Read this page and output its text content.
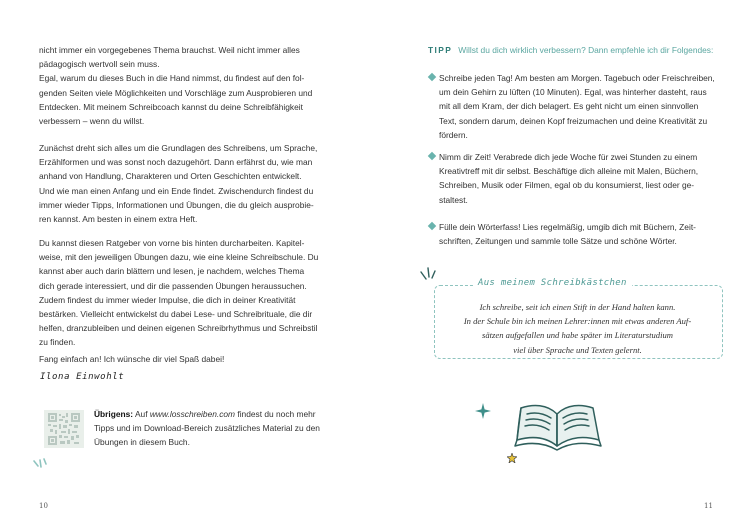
nicht immer ein vorgegebenes Thema brauchst. Weil nicht immer alles

pädagogisch wertvoll sein muss.

Egal, warum du dieses Buch in die Hand nimmst, du findest auf den fol-

genden Seiten viele Möglichkeiten und Vorschläge zum Ausprobieren und

Entdecken. Mit meinem Schreibcoach kannst du deine Schreibfähigkeit

verbessern – wenn du willst.

Zunächst dreht sich alles um die Grundlagen des Schreibens, um Sprache,

Erzählformen und was sonst noch dazugehört. Dann erfährst du, wie man

anhand von Handlung, Charakteren und Orten Geschichten entwickelt.

Und wie man einen Anfang und ein Ende findet. Zwischendurch findest du

immer wieder Tipps, Informationen und Übungen, die du gleich ausprobie-

ren kannst. Am besten in einem extra Heft.

Du kannst diesen Ratgeber von vorne bis hinten durcharbeiten. Kapitel-

weise, mit den jeweiligen Übungen dazu, wie eine kleine Schreibschule. Du

kannst aber auch darin blättern und lesen, je nachdem, welches Thema

dich gerade interessiert, und dir die passenden Übungen heraussuchen.

Zudem findest du immer wieder Impulse, die dich in deiner Kreativität

bestärken. Vielleicht entwickelst du dabei Lese- und Schreibrituale, die dir

helfen, dranzubleiben und deinen eigenen Schreibrhythmus und Schreibstil

zu finden.

Fang einfach an! Ich wünsche dir viel Spaß dabei!
Ilona Einwohlt
Übrigens: Auf www.losschreiben.com findest du noch mehr
Tipps und im Download-Bereich zusätzliches Material zu den
Übungen in diesem Buch.
10
TIPP Willst du dich wirklich verbessern? Dann empfehle ich dir Folgendes:
Schreibe jeden Tag! Am besten am Morgen. Tagebuch oder Freischreiben,
um dein Gehirn zu lüften (10 Minuten). Egal, was hinterher dasteht, raus
mit all dem Kram, der dich belagert. Es geht nicht um einen sinnvollen
Text, sondern darum, deinen Kopf freizumachen und deine Kreativität zu
fördern.
Nimm dir Zeit! Verabrede dich jede Woche für zwei Stunden zu einem
Kreativtreff mit dir selbst. Beschäftige dich alleine mit Malen, Büchern,
Schreiben, Musik oder Filmen, egal ob du konsumierst, liest oder ge-
staltest.
Fülle dein Wörterfass! Lies regelmäßig, umgib dich mit Büchern, Zeit-
schriften, Zeitungen und sammle tolle Sätze und schöne Wörter.
Aus meinem Schreibkästchen

Ich schreibe, seit ich einen Stift in der Hand halten kann.

In der Schule bin ich meinen Lehrer:innen mit etwas anderen Auf-

sätzen aufgefallen und habe später im Literaturstudium

viel über Sprache und Texten gelernt.

11
